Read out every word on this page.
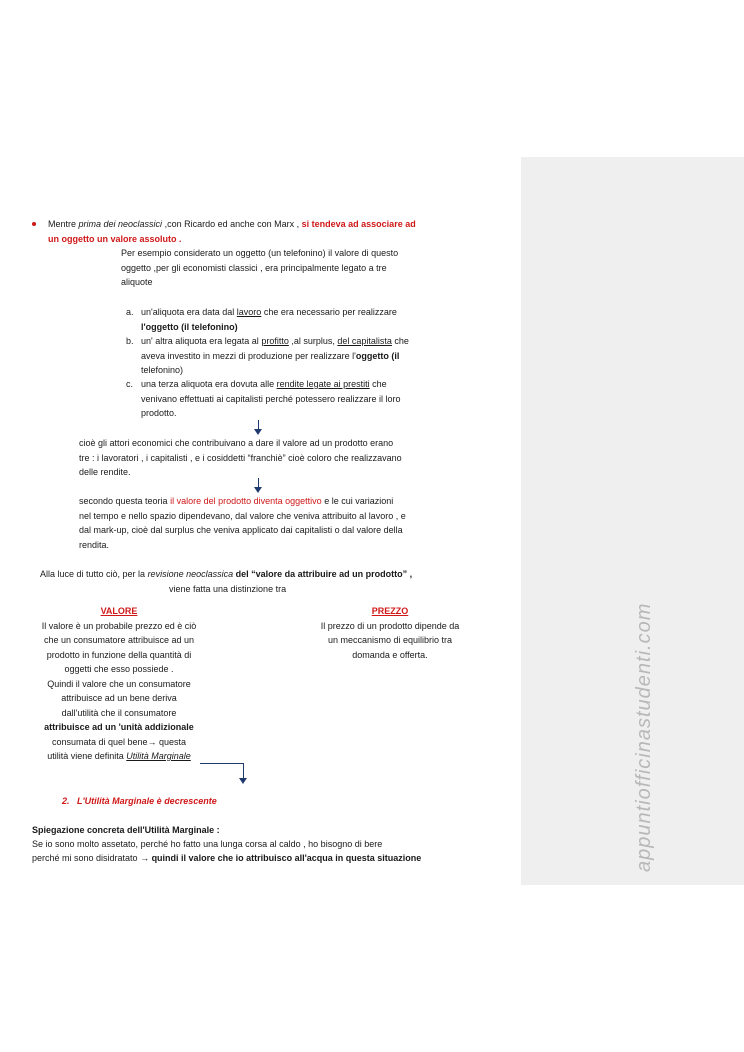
appuntiofficinastudenti.com
Mentre prima dei neoclassici ,con Ricardo ed anche con Marx , si tendeva ad associare ad
un oggetto un valore assoluto .
Per esempio considerato un oggetto (un telefonino) il valore di questo
oggetto ,per gli economisti classici , era principalmente legato a tre
aliquote
a. un'aliquota era data dal lavoro che era necessario per realizzare
l'oggetto (il telefonino)
b. un' altra aliquota era legata al profitto ,al surplus, del capitalista che
aveva investito in mezzi di produzione per realizzare l'oggetto (il
telefonino)
c. una terza aliquota era dovuta alle rendite legate ai prestiti che
venivano effettuati ai capitalisti perché potessero realizzare il loro
prodotto.
cioè gli attori economici che contribuivano a dare il valore ad un prodotto erano
tre : i lavoratori , i capitalisti , e i cosiddetti “franchiè” cioè coloro che realizzavano
delle rendite.
secondo questa teoria il valore del prodotto diventa oggettivo e le cui variazioni
nel tempo e nello spazio dipendevano, dal valore che veniva attribuito al lavoro , e
dal mark-up, cioè dal surplus che veniva applicato dai capitalisti o dal valore della
rendita.
Alla luce di tutto ciò, per la revisione neoclassica del “valore da attribuire ad un prodotto” ,
viene fatta una distinzione tra
VALORE
Il valore è un probabile prezzo ed è ciò
che un consumatore attribuisce ad un
prodotto in funzione della quantità di
oggetti che esso possiede .
Quindi il valore che un consumatore
attribuisce ad un bene deriva
dall'utilità che il consumatore
attribuisce ad un 'unità addizionale
consumata di quel bene→ questa
utilità viene definita Utilità Marginale
PREZZO
Il prezzo di un prodotto dipende da
un meccanismo di equilibrio tra
domanda e offerta.
2. L'Utilità Marginale è decrescente
Spiegazione concreta dell'Utilità Marginale :
Se io sono molto assetato, perché ho fatto una lunga corsa al caldo , ho bisogno di bere
perché mi sono disidratato → quindi il valore che io attribuisco all'acqua in questa situazione
